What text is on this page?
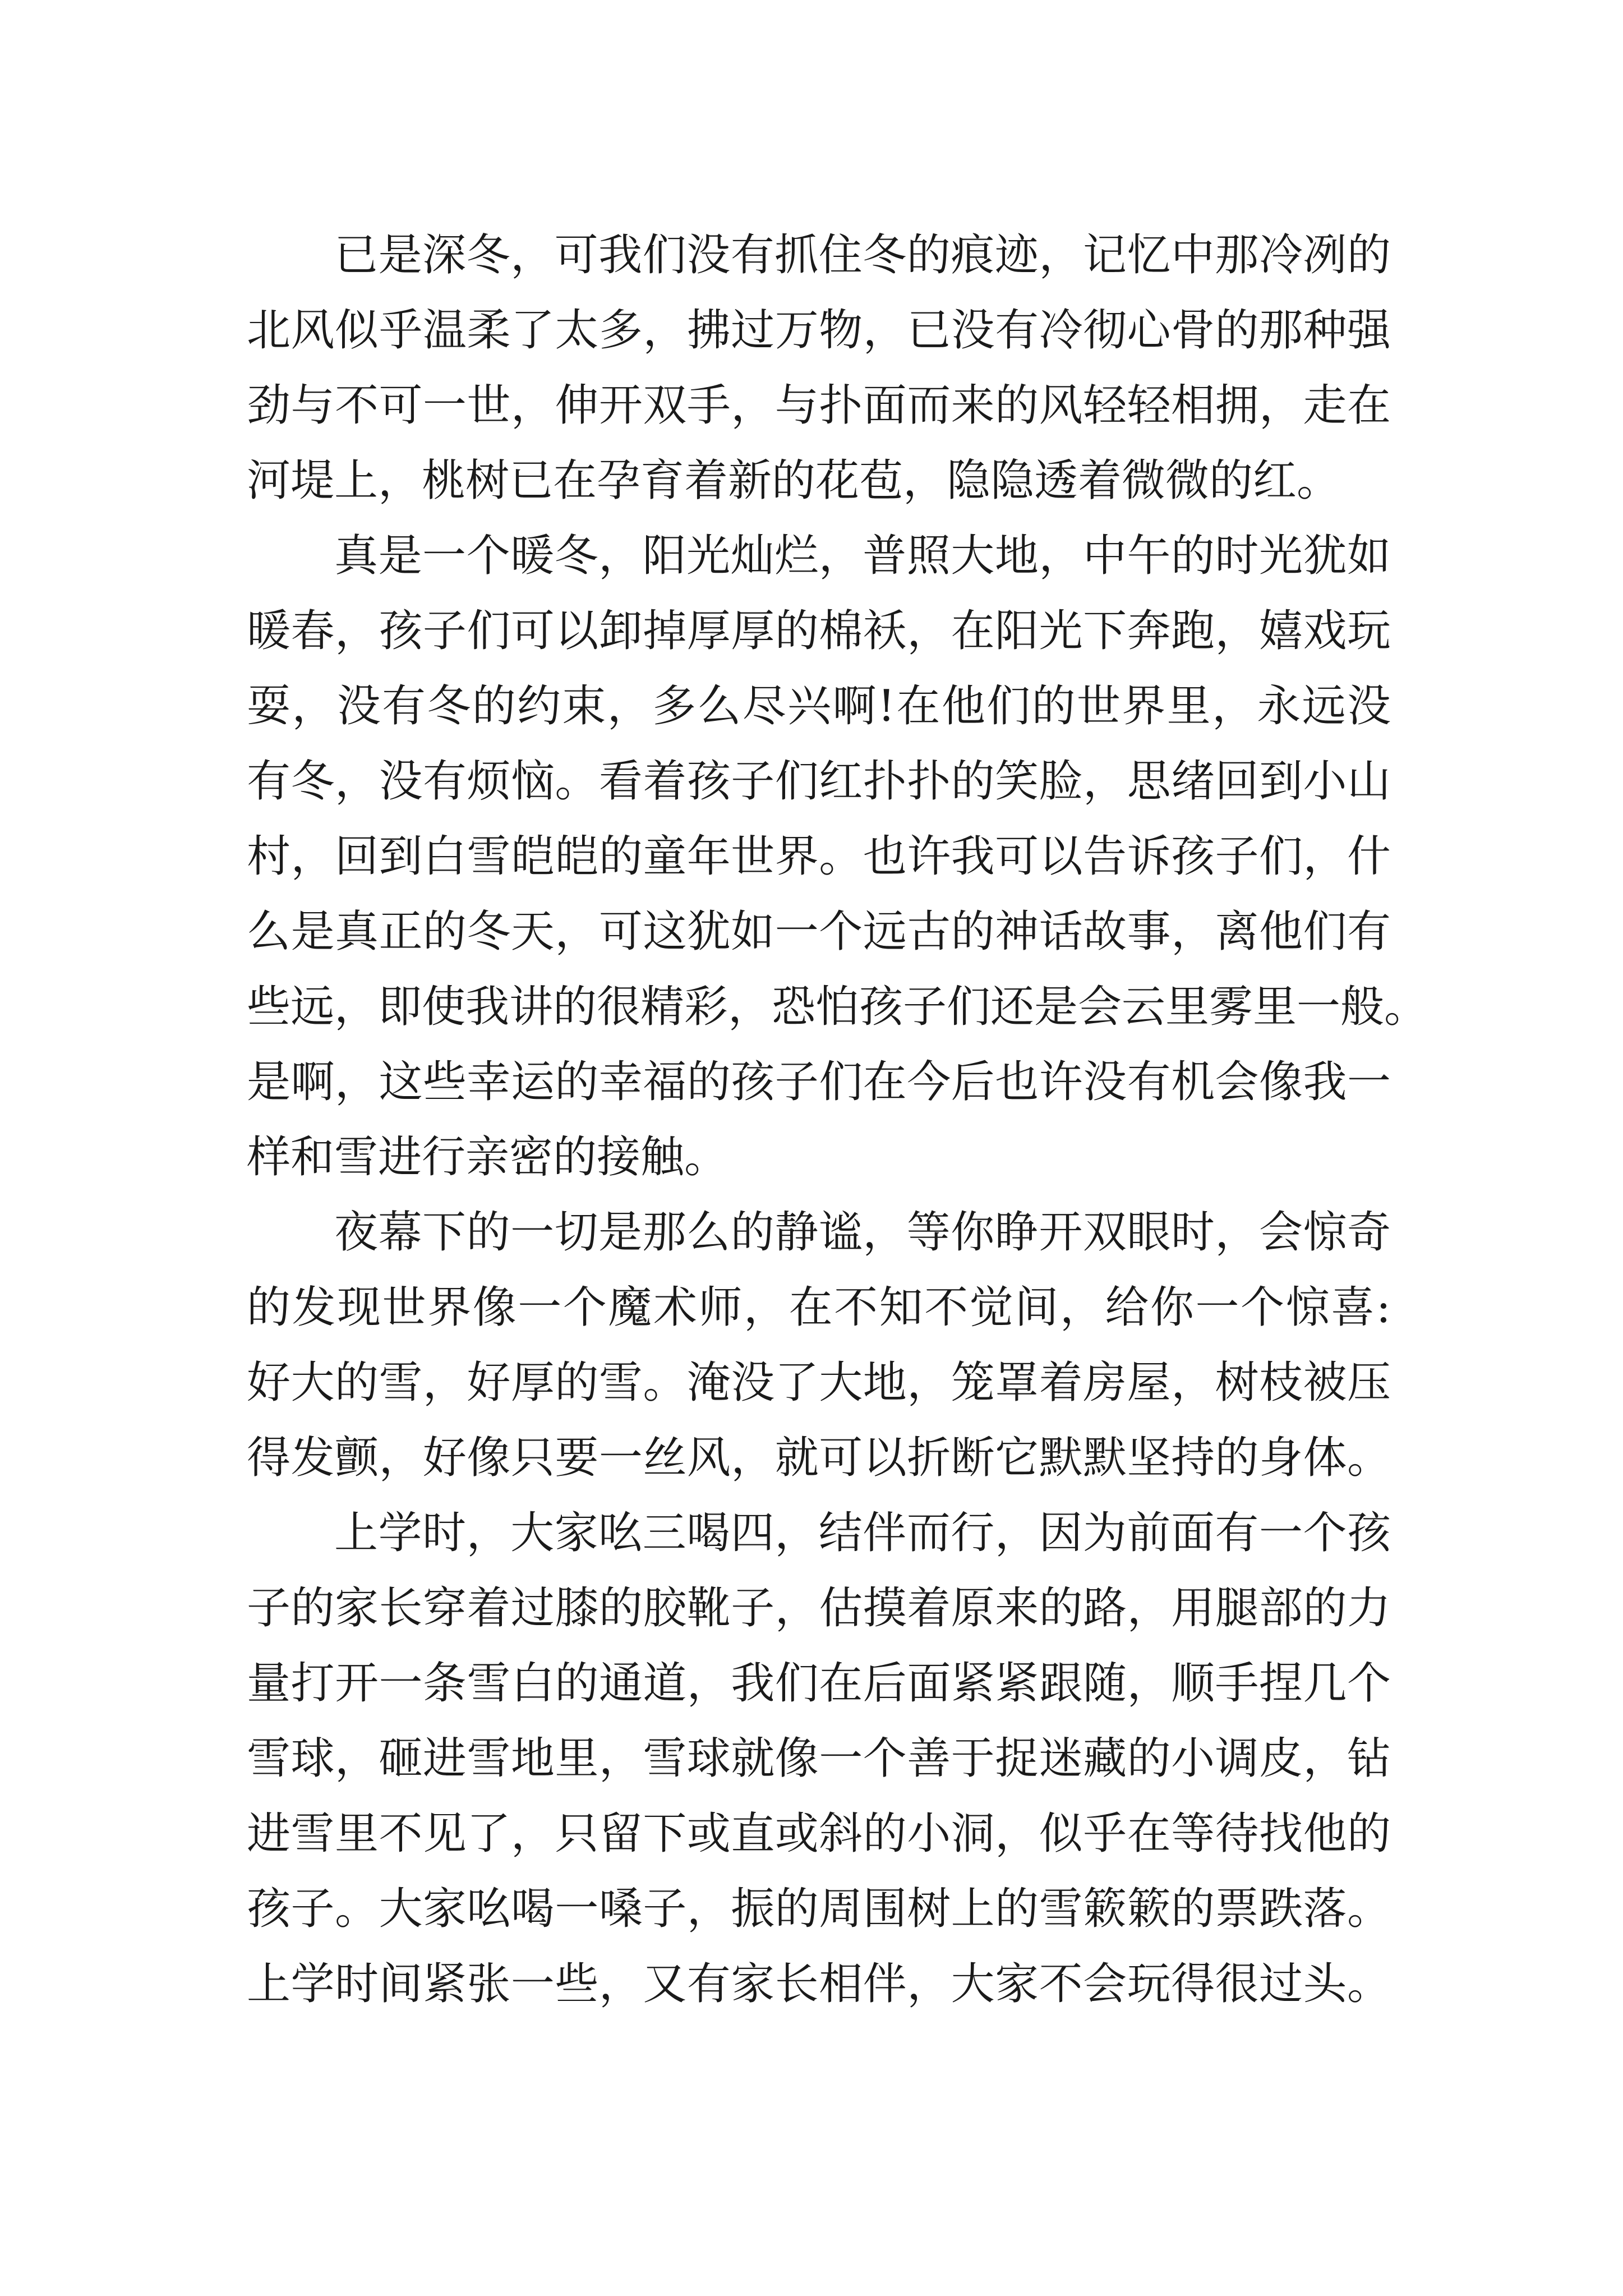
已是深冬，可我们没有抓住冬的痕迹，记忆中那冷冽的
北风似乎温柔了太多，拂过万物，已没有冷彻心骨的那种强
劲与不可一世，伸开双手，与扑面而来的风轻轻相拥，走在
河堤上，桃树已在孕育着新的花苞，隐隐透着微微的红。

真是一个暖冬，阳光灿烂，普照大地，中午的时光犹如
暖春，孩子们可以卸掉厚厚的棉袄，在阳光下奔跑，嬉戏玩
耍，没有冬的约束，多么尽兴啊!在他们的世界里，永远没
有冬，没有烦恼。看着孩子们红扑扑的笑脸，思绪回到小山
村，回到白雪皑皑的童年世界。也许我可以告诉孩子们，什
么是真正的冬天，可这犹如一个远古的神话故事，离他们有
些远，即使我讲的很精彩，恐怕孩子们还是会云里雾里一般。
是啊，这些幸运的幸福的孩子们在今后也许没有机会像我一
样和雪进行亲密的接触。

夜幕下的一切是那么的静谧，等你睁开双眼时，会惊奇
的发现世界像一个魔术师，在不知不觉间，给你一个惊喜:
好大的雪，好厚的雪。淹没了大地，笼罩着房屋，树枝被压
得发颤，好像只要一丝风，就可以折断它默默坚持的身体。

上学时，大家吆三喝四，结伴而行，因为前面有一个孩
子的家长穿着过膝的胶靴子，估摸着原来的路，用腿部的力
量打开一条雪白的通道，我们在后面紧紧跟随，顺手捏几个
雪球，砸进雪地里，雪球就像一个善于捉迷藏的小调皮，钻
进雪里不见了，只留下或直或斜的小洞，似乎在等待找他的
孩子。大家吆喝一嗓子，振的周围树上的雪簌簌的票跌落。
上学时间紧张一些，又有家长相伴，大家不会玩得很过头。
